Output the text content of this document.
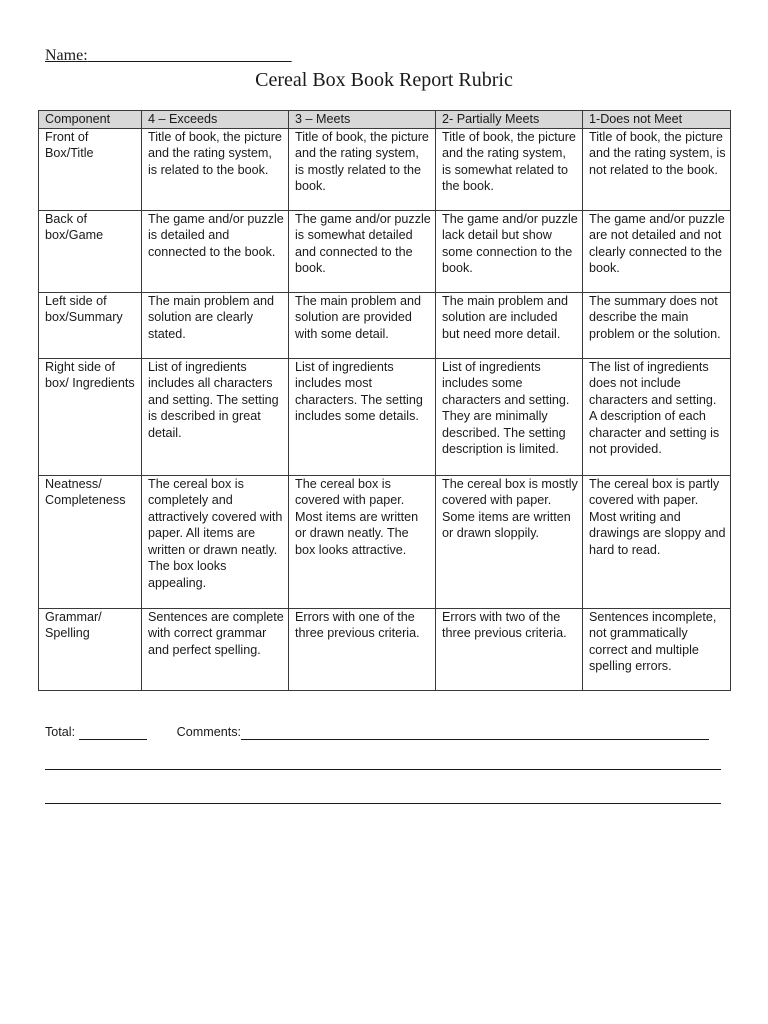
Name:
Cereal Box Book Report Rubric
Component	4 – Exceeds	3 – Meets	2- Partially Meets	1-Does not Meet
Front of Box/Title	Title of book, the picture and the rating system, is related to the book.	Title of book, the picture and the rating system, is mostly related to the book.	Title of book, the picture and the rating system, is somewhat related to the book.	Title of book, the picture and the rating system, is not related to the book.
Back of box/Game	The game and/or puzzle is detailed and connected to the book.	The game and/or puzzle is somewhat detailed and connected to the book.	The game and/or puzzle lack detail but show some connection to the book.	The game and/or puzzle are not detailed and not clearly connected to the book.
Left side of box/Summary	The main problem and solution are clearly stated.	The main problem and solution are provided with some detail.	The main problem and solution are included but need more detail.	The summary does not describe the main problem or the solution.
Right side of box/ Ingredients	List of ingredients includes all characters and setting. The setting is described in great detail.	List of ingredients includes most characters. The setting includes some details.	List of ingredients includes some characters and setting. They are minimally described. The setting description is limited.	The list of ingredients does not include characters and setting. A description of each character and setting is not provided.
Neatness/ Completeness	The cereal box is completely and attractively covered with paper. All items are written or drawn neatly. The box looks appealing.	The cereal box is covered with paper. Most items are written or drawn neatly. The box looks attractive.	The cereal box is mostly covered with paper. Some items are written or drawn sloppily.	The cereal box is partly covered with paper. Most writing and drawings are sloppy and hard to read.
Grammar/ Spelling	Sentences are complete with correct grammar and perfect spelling.	Errors with one of the three previous criteria.	Errors with two of the three previous criteria.	Sentences incomplete, not grammatically correct and multiple spelling errors.
Total:	Comments:
